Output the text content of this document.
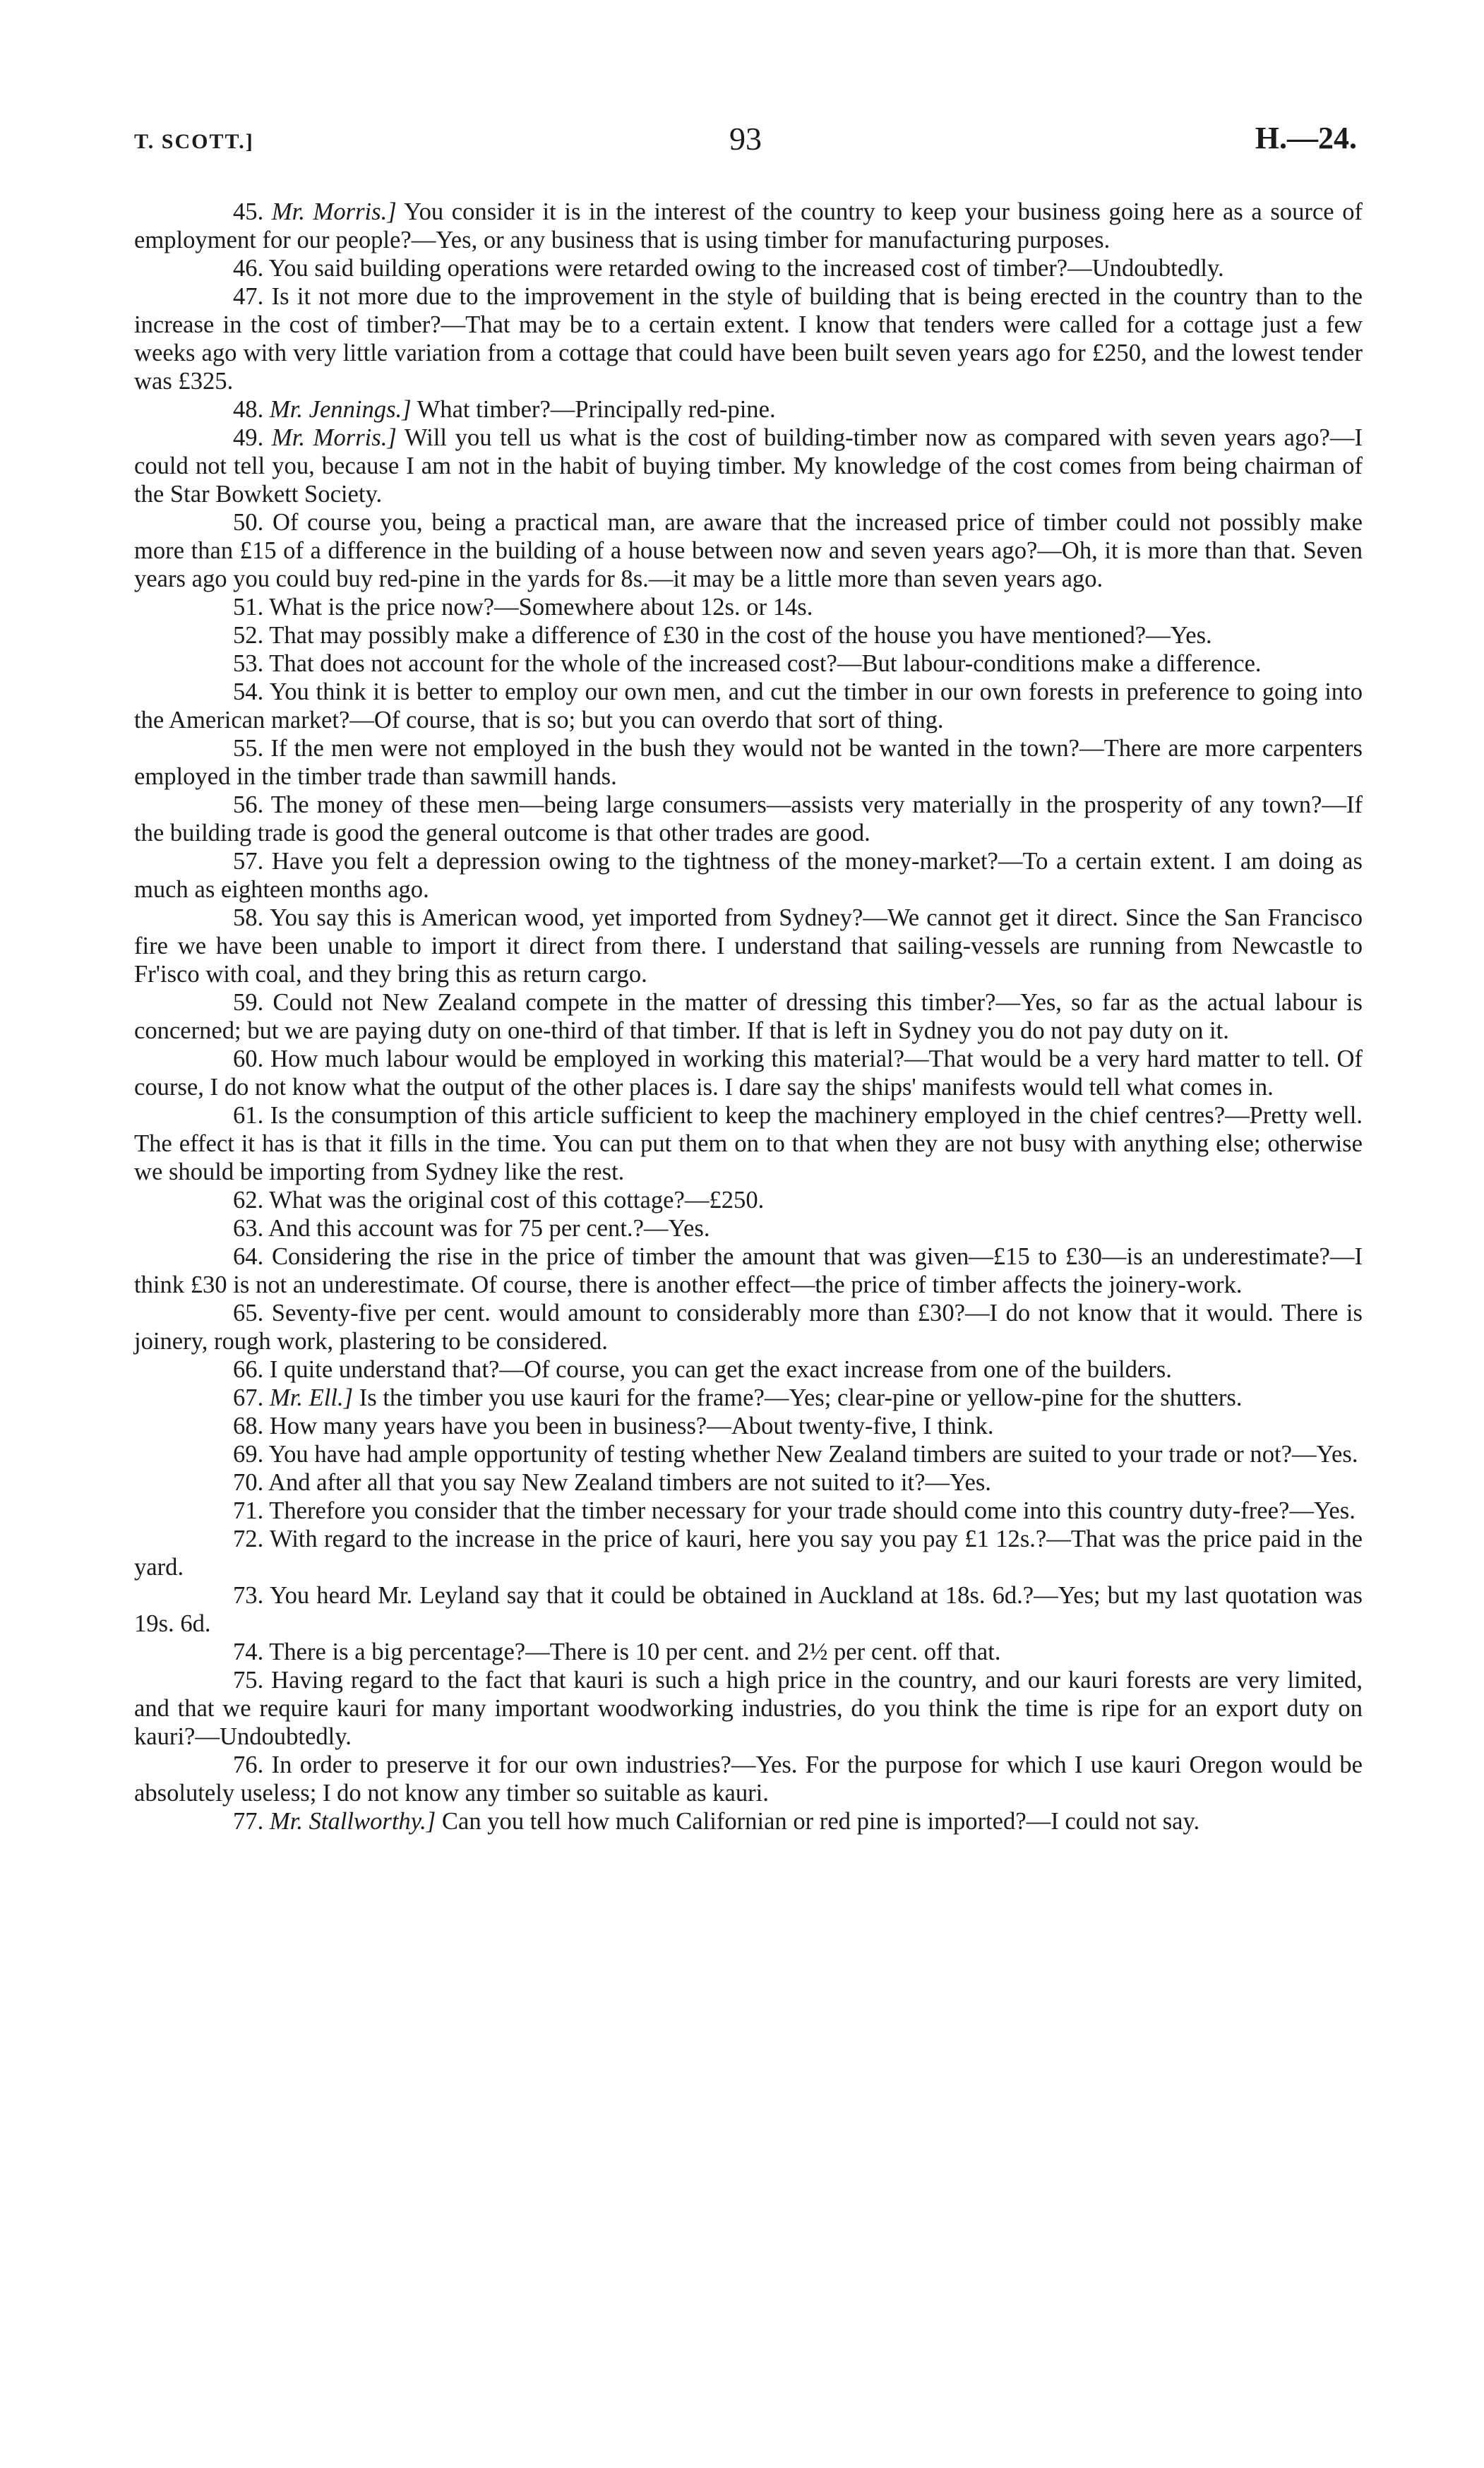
T. SCOTT.]	93	H.—24.

45. Mr. Morris.] You consider it is in the interest of the country to keep your business going here as a source of employment for our people?—Yes, or any business that is using timber for manufacturing purposes.

46. You said building operations were retarded owing to the increased cost of timber?—Undoubtedly.

47. Is it not more due to the improvement in the style of building that is being erected in the country than to the increase in the cost of timber?—That may be to a certain extent. I know that tenders were called for a cottage just a few weeks ago with very little variation from a cottage that could have been built seven years ago for £250, and the lowest tender was £325.

48. Mr. Jennings.] What timber?—Principally red-pine.

49. Mr. Morris.] Will you tell us what is the cost of building-timber now as compared with seven years ago?—I could not tell you, because I am not in the habit of buying timber. My knowledge of the cost comes from being chairman of the Star Bowkett Society.

50. Of course you, being a practical man, are aware that the increased price of timber could not possibly make more than £15 of a difference in the building of a house between now and seven years ago?—Oh, it is more than that. Seven years ago you could buy red-pine in the yards for 8s.—it may be a little more than seven years ago.

51. What is the price now?—Somewhere about 12s. or 14s.

52. That may possibly make a difference of £30 in the cost of the house you have mentioned?—Yes.

53. That does not account for the whole of the increased cost?—But labour-conditions make a difference.

54. You think it is better to employ our own men, and cut the timber in our own forests in preference to going into the American market?—Of course, that is so; but you can overdo that sort of thing.

55. If the men were not employed in the bush they would not be wanted in the town?—There are more carpenters employed in the timber trade than sawmill hands.

56. The money of these men—being large consumers—assists very materially in the prosperity of any town?—If the building trade is good the general outcome is that other trades are good.

57. Have you felt a depression owing to the tightness of the money-market?—To a certain extent. I am doing as much as eighteen months ago.

58. You say this is American wood, yet imported from Sydney?—We cannot get it direct. Since the San Francisco fire we have been unable to import it direct from there. I understand that sailing-vessels are running from Newcastle to Fr'isco with coal, and they bring this as return cargo.

59. Could not New Zealand compete in the matter of dressing this timber?—Yes, so far as the actual labour is concerned; but we are paying duty on one-third of that timber. If that is left in Sydney you do not pay duty on it.

60. How much labour would be employed in working this material?—That would be a very hard matter to tell. Of course, I do not know what the output of the other places is. I dare say the ships' manifests would tell what comes in.

61. Is the consumption of this article sufficient to keep the machinery employed in the chief centres?—Pretty well. The effect it has is that it fills in the time. You can put them on to that when they are not busy with anything else; otherwise we should be importing from Sydney like the rest.

62. What was the original cost of this cottage?—£250.

63. And this account was for 75 per cent.?—Yes.

64. Considering the rise in the price of timber the amount that was given—£15 to £30—is an underestimate?—I think £30 is not an underestimate. Of course, there is another effect—the price of timber affects the joinery-work.

65. Seventy-five per cent. would amount to considerably more than £30?—I do not know that it would. There is joinery, rough work, plastering to be considered.

66. I quite understand that?—Of course, you can get the exact increase from one of the builders.

67. Mr. Ell.] Is the timber you use kauri for the frame?—Yes; clear-pine or yellow-pine for the shutters.

68. How many years have you been in business?—About twenty-five, I think.

69. You have had ample opportunity of testing whether New Zealand timbers are suited to your trade or not?—Yes.

70. And after all that you say New Zealand timbers are not suited to it?—Yes.

71. Therefore you consider that the timber necessary for your trade should come into this country duty-free?—Yes.

72. With regard to the increase in the price of kauri, here you say you pay £1 12s.?—That was the price paid in the yard.

73. You heard Mr. Leyland say that it could be obtained in Auckland at 18s. 6d.?—Yes; but my last quotation was 19s. 6d.

74. There is a big percentage?—There is 10 per cent. and 2½ per cent. off that.

75. Having regard to the fact that kauri is such a high price in the country, and our kauri forests are very limited, and that we require kauri for many important woodworking industries, do you think the time is ripe for an export duty on kauri?—Undoubtedly.

76. In order to preserve it for our own industries?—Yes. For the purpose for which I use kauri Oregon would be absolutely useless; I do not know any timber so suitable as kauri.

77. Mr. Stallworthy.] Can you tell how much Californian or red pine is imported?—I could not say.
